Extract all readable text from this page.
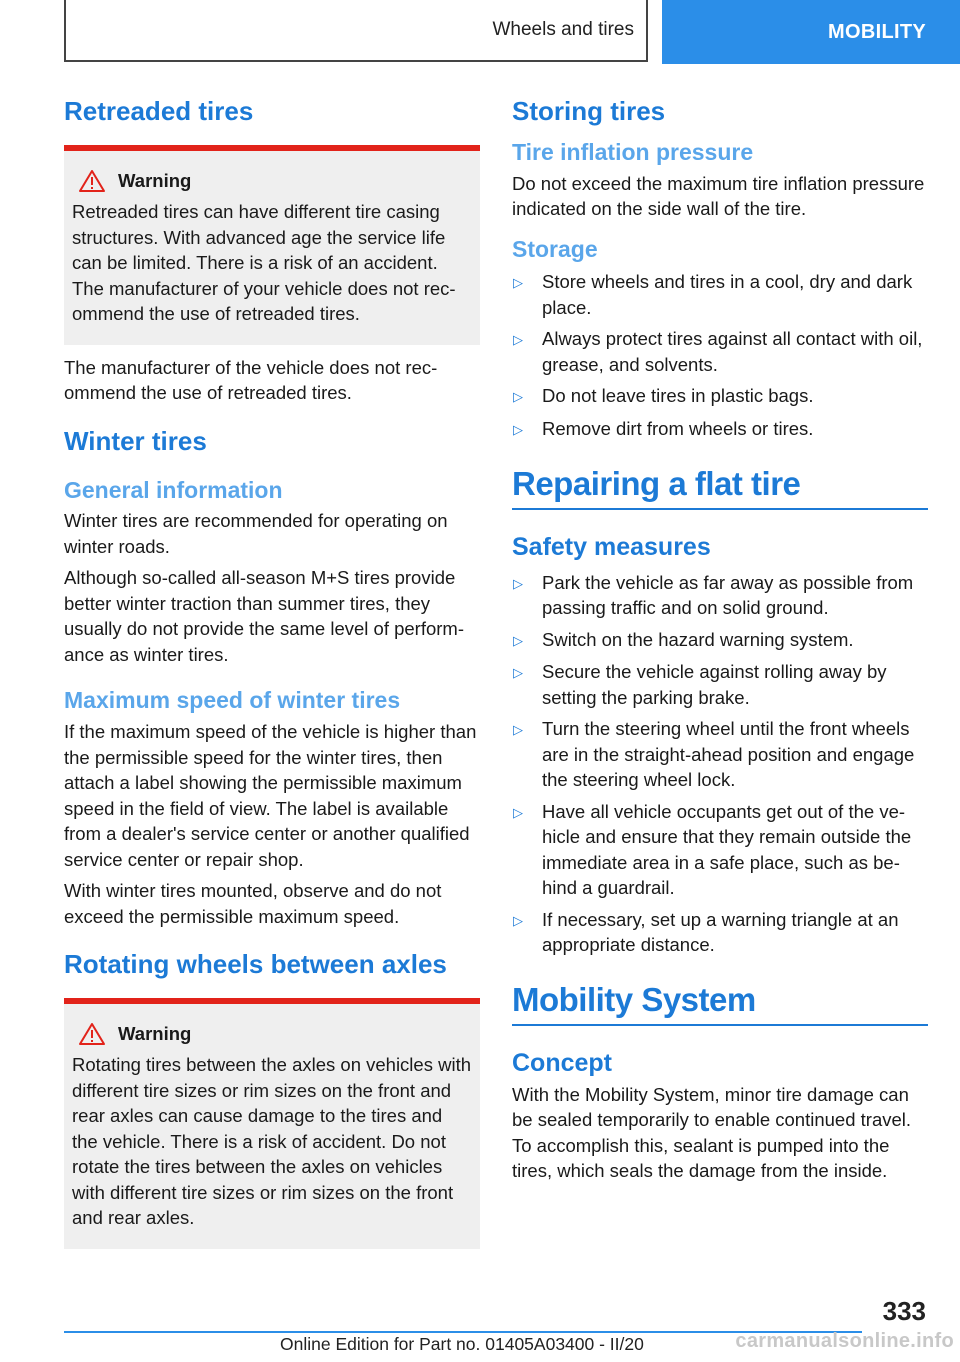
Wheels and tires	MOBILITY
Retreaded tires
Warning

Retreaded tires can have different tire casing structures. With advanced age the service life can be limited. There is a risk of an accident. The manufacturer of your vehicle does not recommend the use of retreaded tires.

The manufacturer of the vehicle does not recommend the use of retreaded tires.

Winter tires
General information

Winter tires are recommended for operating on winter roads.

Although so-called all-season M+S tires provide better winter traction than summer tires, they usually do not provide the same level of performance as winter tires.

Maximum speed of winter tires

If the maximum speed of the vehicle is higher than the permissible speed for the winter tires, then attach a label showing the permissible maximum speed in the field of view. The label is available from a dealer's service center or another qualified service center or repair shop.

With winter tires mounted, observe and do not exceed the permissible maximum speed.

Rotating wheels between axles
Warning

Rotating tires between the axles on vehicles with different tire sizes or rim sizes on the front and rear axles can cause damage to the tires and the vehicle. There is a risk of accident. Do not rotate the tires between the axles on vehicles with different tire sizes or rim sizes on the front and rear axles.

Storing tires
Tire inflation pressure

Do not exceed the maximum tire inflation pressure indicated on the side wall of the tire.

Storage
▷	Store wheels and tires in a cool, dry and dark place.
▷	Always protect tires against all contact with oil, grease, and solvents.
▷	Do not leave tires in plastic bags.
▷	Remove dirt from wheels or tires.
Repairing a flat tire
Safety measures
▷	Park the vehicle as far away as possible from passing traffic and on solid ground.
▷	Switch on the hazard warning system.
▷	Secure the vehicle against rolling away by setting the parking brake.
▷	Turn the steering wheel until the front wheels are in the straight-ahead position and engage the steering wheel lock.
▷	Have all vehicle occupants get out of the vehicle and ensure that they remain outside the immediate area in a safe place, such as behind a guardrail.
▷	If necessary, set up a warning triangle at an appropriate distance.
Mobility System
Concept

With the Mobility System, minor tire damage can be sealed temporarily to enable continued travel. To accomplish this, sealant is pumped into the tires, which seals the damage from the inside.

333
Online Edition for Part no. 01405A03400 - II/20	carmanualsonline.info
